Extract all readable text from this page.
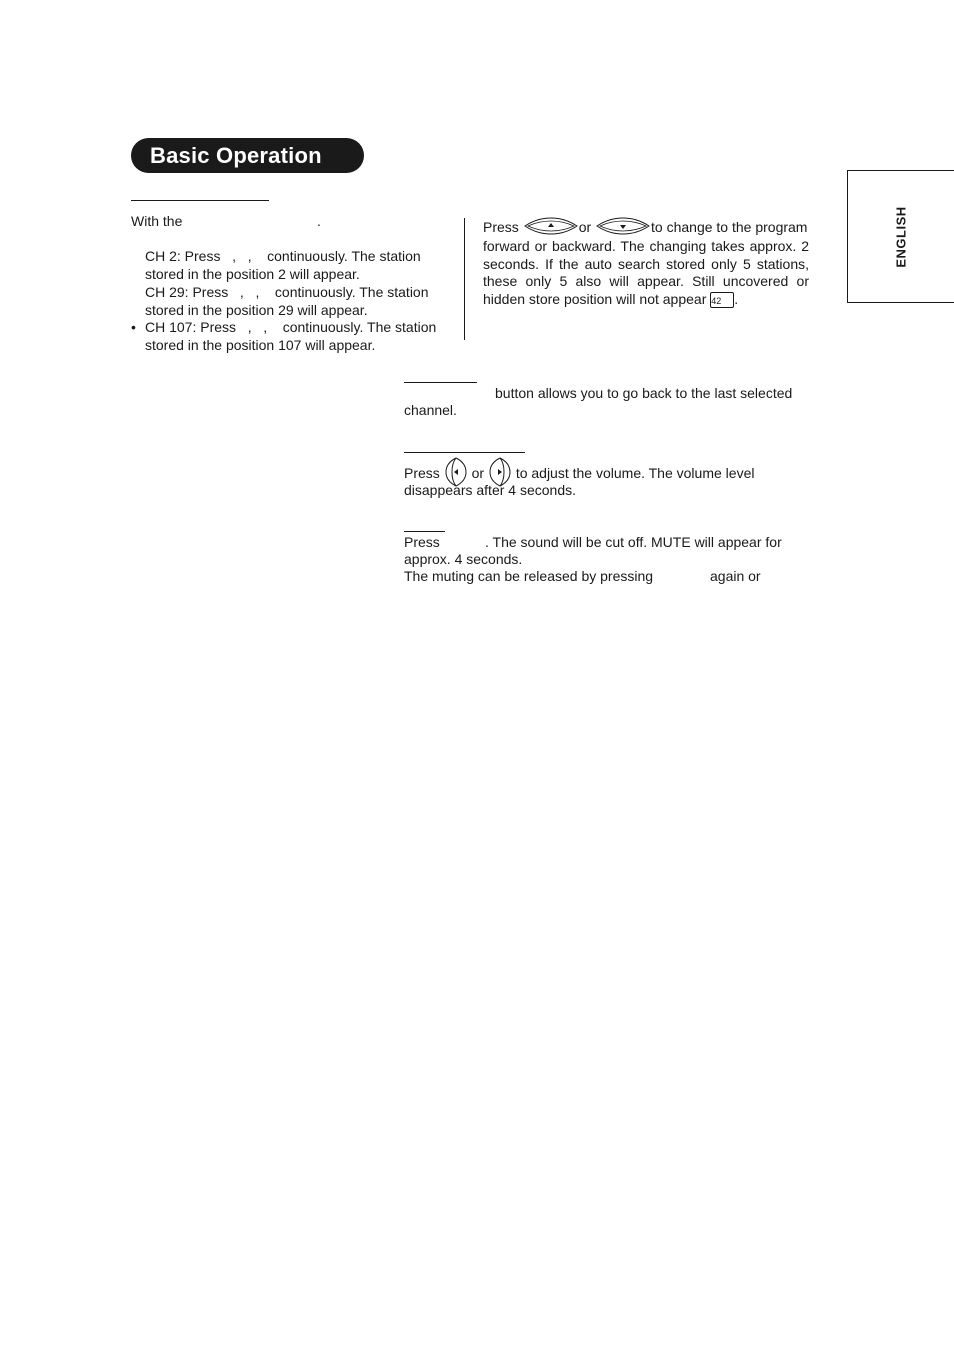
Basic Operation
ENGLISH
With the	.
CH 2: Press   ,   ,    continuously. The station
stored in the position 2 will appear.
CH 29: Press   ,   ,    continuously. The station
stored in the position 29 will appear.
• CH 107: Press   ,   ,    continuously. The station
stored in the position 107 will appear.
Press	or	to change to the program
forward or backward. The changing takes approx. 2 seconds. If the auto search stored only 5 stations, these only 5 also will appear. Still uncovered or hidden store position will not appear 42 .
button allows you to go back to the last selected
channel.
Press or to adjust the volume. The volume level
disappears after 4 seconds.
Press	. The sound will be cut off. MUTE will appear for
approx. 4 seconds.
The muting can be released by pressing	again or
